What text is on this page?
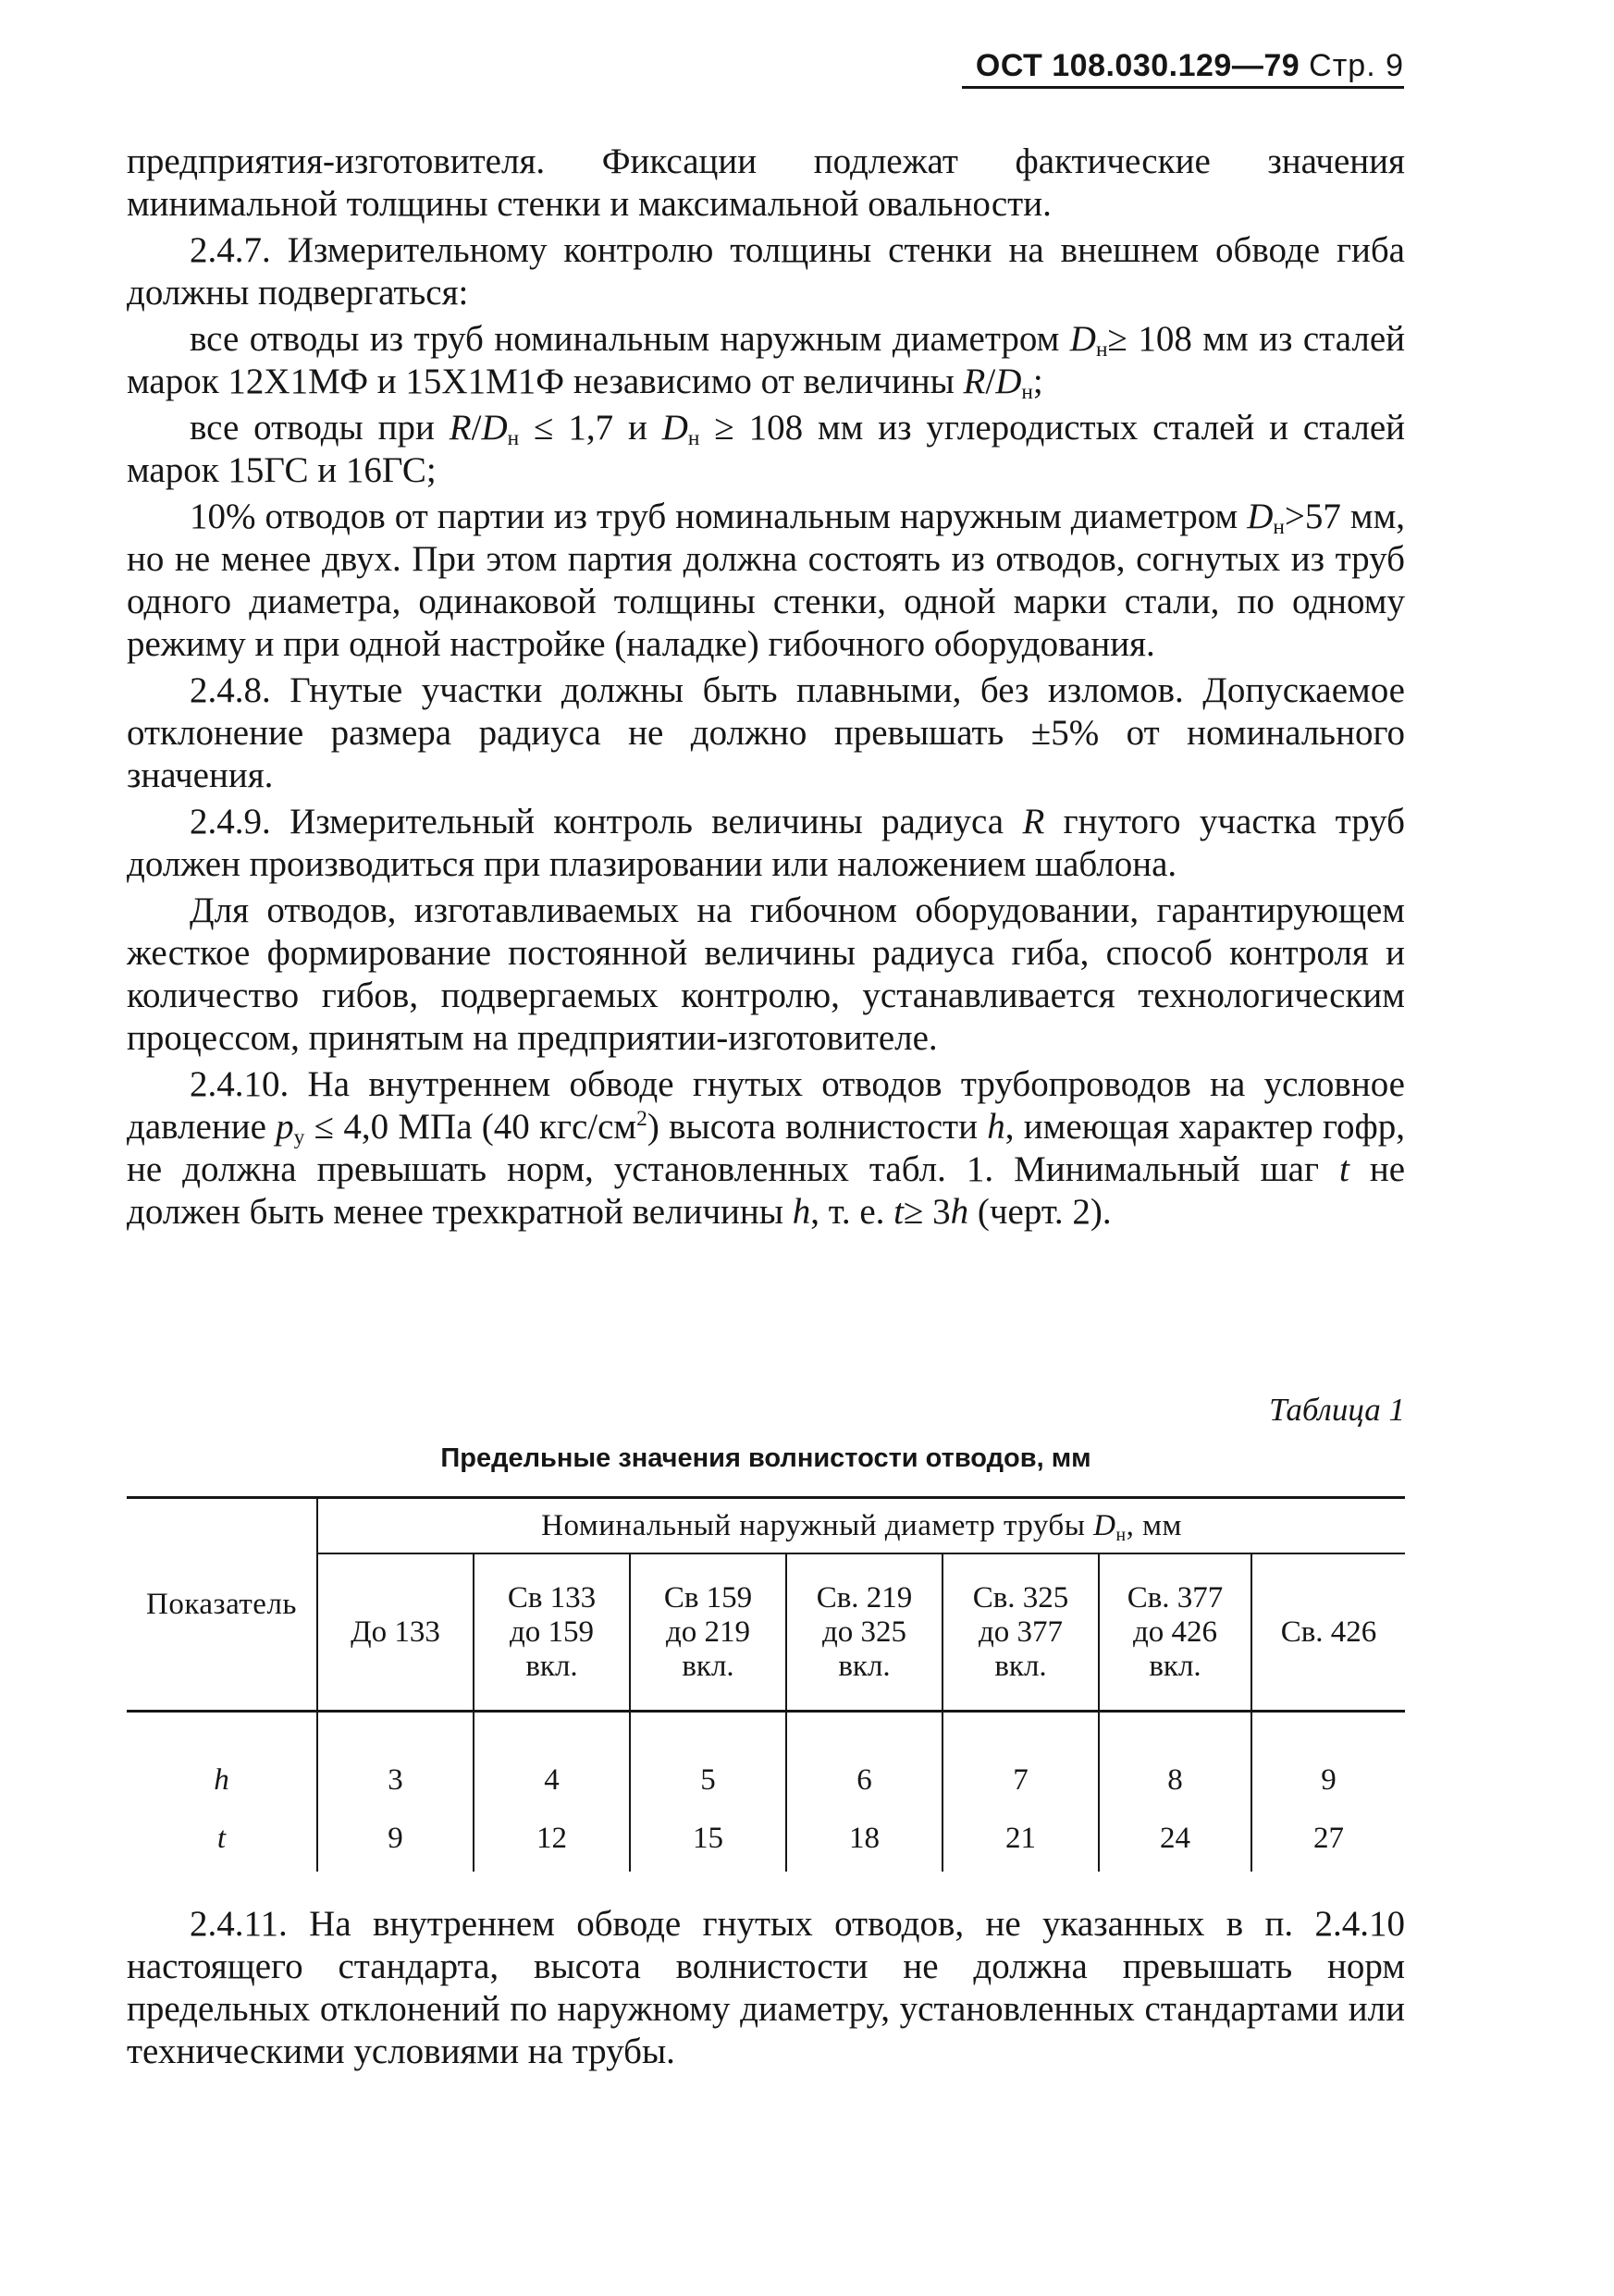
ОСТ 108.030.129—79 Стр. 9

предприятия-изготовителя. Фиксации подлежат фактические значения минимальной толщины стенки и максимальной овальности.

2.4.7. Измерительному контролю толщины стенки на внешнем обводе гиба должны подвергаться:

все отводы из труб номинальным наружным диаметром $D_н\ge 108$ мм из сталей марок 12Х1МФ и 15Х1М1Ф независимо от величины $R/D_н$;

все отводы при $R/D_н \le 1,7$ и $D_н \ge 108$ мм из углеродистых сталей и сталей марок 15ГС и 16ГС;

10% отводов от партии из труб номинальным наружным диаметром $D_н>57$ мм, но не менее двух. При этом партия должна состоять из отводов, согнутых из труб одного диаметра, одинаковой толщины стенки, одной марки стали, по одному режиму и при одной настройке (наладке) гибочного оборудования.

2.4.8. Гнутые участки должны быть плавными, без изломов. Допускаемое отклонение размера радиуса не должно превышать ±5% от номинального значения.

2.4.9. Измерительный контроль величины радиуса R гнутого участка труб должен производиться при плазировании или наложением шаблона.

Для отводов, изготавливаемых на гибочном оборудовании, гарантирующем жесткое формирование постоянной величины радиуса гиба, способ контроля и количество гибов, подвергаемых контролю, устанавливается технологическим процессом, принятым на предприятии-изготовителе.

2.4.10. На внутреннем обводе гнутых отводов трубопроводов на условное давление $p_у \le 4,0$ МПа (40 кгс/$см^2$) высота волнистости h, имеющая характер гофр, не должна превышать норм, установленных табл. 1. Минимальный шаг t не должен быть менее трехкратной величины h, т. е. t≥ 3h (черт. 2).

Таблица 1
Предельные значения волнистости отводов, мм
Показатель	Номинальный наружный диаметр трубы $D_н$, мм						
	До 133	Св 133
до 159
вкл.	Св 159
до 219
вкл.	Св. 219
до 325
вкл.	Св. 325
до 377
вкл.	Св. 377
до 426
вкл.	Св. 426
h	3	4	5	6	7	8	9
t	9	12	15	18	21	24	27

2.4.11. На внутреннем обводе гнутых отводов, не указанных в п. 2.4.10 настоящего стандарта, высота волнистости не должна превышать норм предельных отклонений по наружному диаметру, установленных стандартами или техническими условиями на трубы.
